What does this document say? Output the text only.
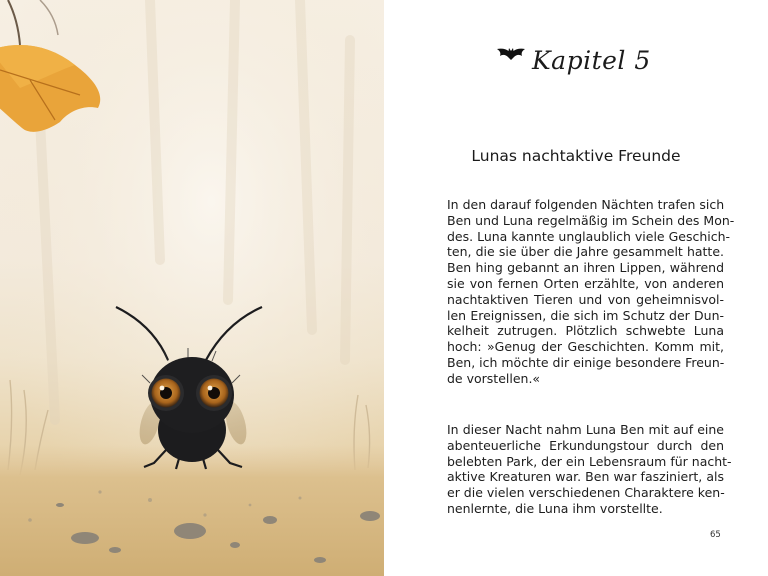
Kapitel 5
Lunas nachtaktive Freunde
In den darauf folgenden Nächten trafen sich
Ben und Luna regelmäßig im Schein des Mon-
des. Luna kannte unglaublich viele Geschich-
ten, die sie über die Jahre gesammelt hatte.
Ben hing gebannt an ihren Lippen, während
sie von fernen Orten erzählte, von anderen
nachtaktiven Tieren und von geheimnisvol-
len Ereignissen, die sich im Schutz der Dun-
kelheit zutrugen. Plötzlich schwebte Luna
hoch: »Genug der Geschichten. Komm mit,
Ben, ich möchte dir einige besondere Freun-
de vorstellen.«
In dieser Nacht nahm Luna Ben mit auf eine
abenteuerliche Erkundungstour durch den
belebten Park, der ein Lebensraum für nacht-
aktive Kreaturen war. Ben war fasziniert, als
er die vielen verschiedenen Charaktere ken-
nenlernte, die Luna ihm vorstellte.
65
